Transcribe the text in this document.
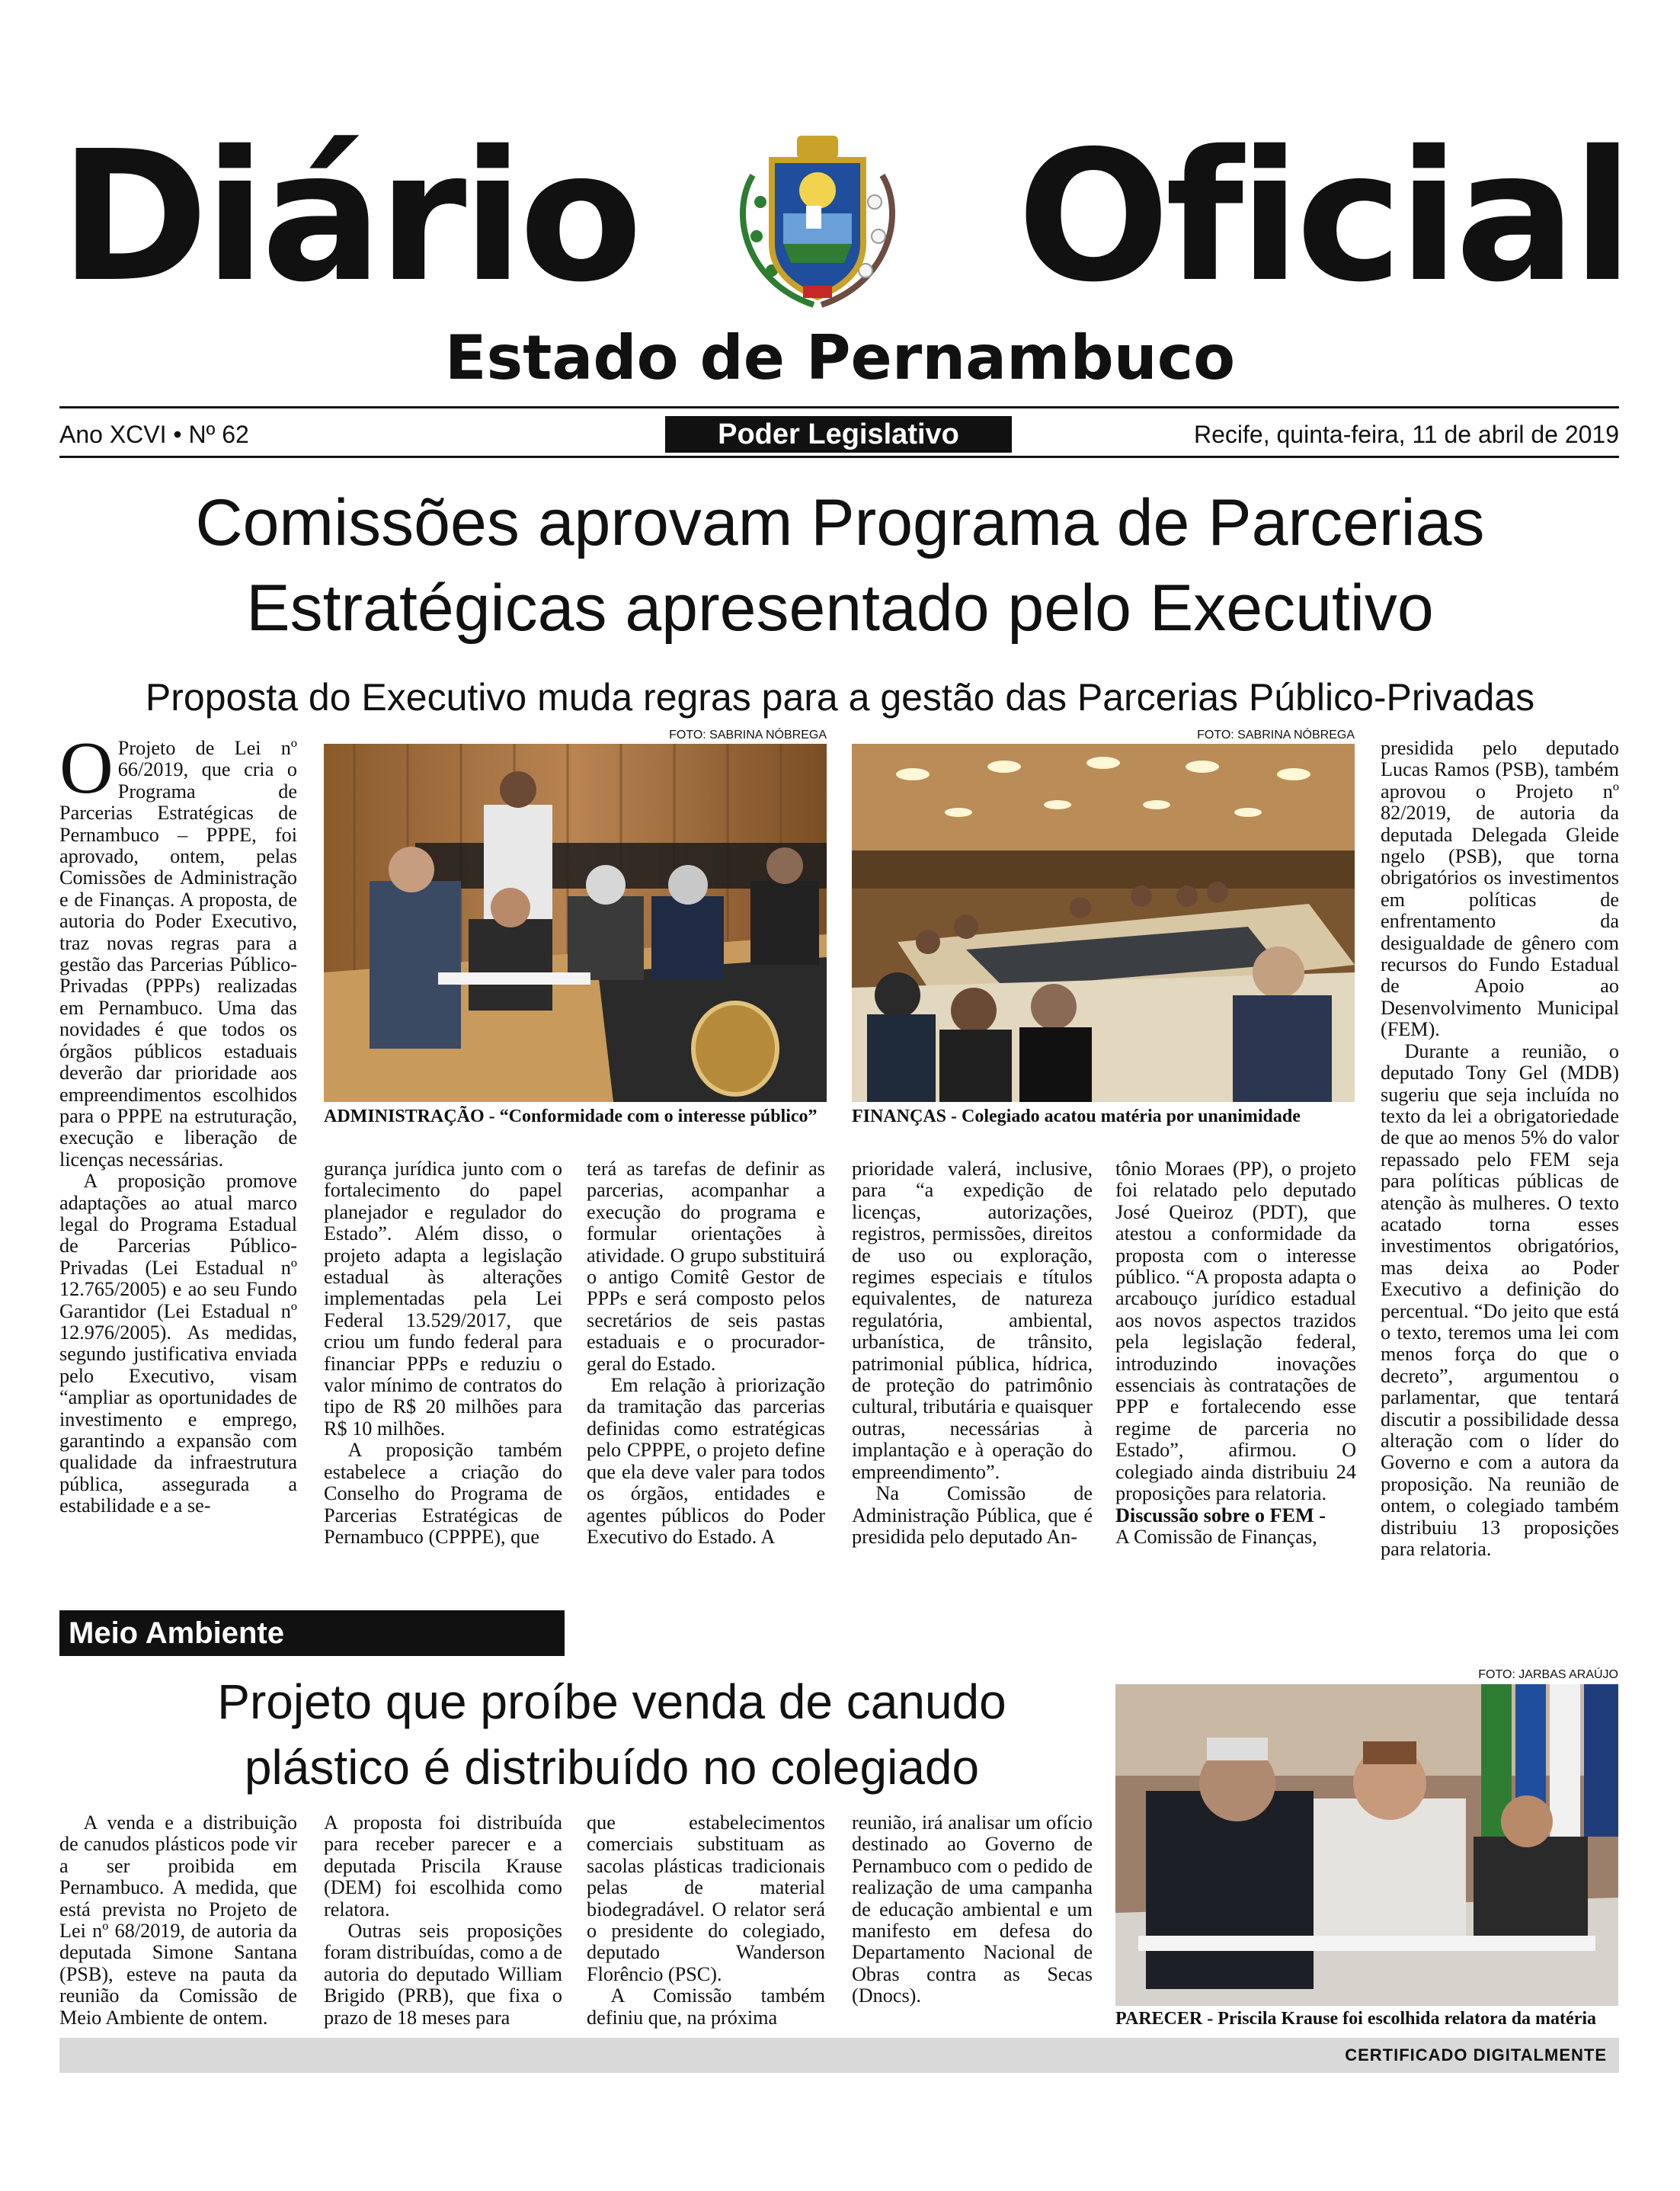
Diário Oficial
Estado de Pernambuco
Ano XCVI • Nº 62	Poder Legislativo	Recife, quinta-feira, 11 de abril de 2019
Comissões aprovam Programa de Parcerias
Estratégicas apresentado pelo Executivo
Proposta do Executivo muda regras para a gestão das Parcerias Público-Privadas

O Projeto de Lei nº 66/2019, que cria o Programa de Parcerias Estratégicas de Pernambuco – PPPE, foi aprovado, ontem, pelas Comissões de Administração e de Finanças. A proposta, de autoria do Poder Executivo, traz novas regras para a gestão das Parcerias Público-Privadas (PPPs) realizadas em Pernambuco. Uma das novidades é que todos os órgãos públicos estaduais deverão dar prioridade aos empreendimentos escolhidos para o PPPE na estruturação, execução e liberação de licenças necessárias.

A proposição promove adaptações ao atual marco legal do Programa Estadual de Parcerias Público-Privadas (Lei Estadual nº 12.765/2005) e ao seu Fundo Garantidor (Lei Estadual nº 12.976/2005). As medidas, segundo justificativa enviada pelo Executivo, visam “ampliar as oportunidades de investimento e emprego, garantindo a expansão com qualidade da infraestrutura pública, assegurada a estabilidade e a se-

FOTO: SABRINA NÓBREGA
ADMINISTRAÇÃO - “Conformidade com o interesse público”
FOTO: SABRINA NÓBREGA
FINANÇAS - Colegiado acatou matéria por unanimidade

gurança jurídica junto com o fortalecimento do papel planejador e regulador do Estado”. Além disso, o projeto adapta a legislação estadual às alterações implementadas pela Lei Federal 13.529/2017, que criou um fundo federal para financiar PPPs e reduziu o valor mínimo de contratos do tipo de R$ 20 milhões para R$ 10 milhões.

A proposição também estabelece a criação do Conselho do Programa de Parcerias Estratégicas de Pernambuco (CPPPE), que

terá as tarefas de definir as parcerias, acompanhar a execução do programa e formular orientações à atividade. O grupo substituirá o antigo Comitê Gestor de PPPs e será composto pelos secretários de seis pastas estaduais e o procurador-geral do Estado.

Em relação à priorização da tramitação das parcerias definidas como estratégicas pelo CPPPE, o projeto define que ela deve valer para todos os órgãos, entidades e agentes públicos do Poder Executivo do Estado. A

prioridade valerá, inclusive, para “a expedição de licenças, autorizações, registros, permissões, direitos de uso ou exploração, regimes especiais e títulos equivalentes, de natureza regulatória, ambiental, urbanística, de trânsito, patrimonial pública, hídrica, de proteção do patrimônio cultural, tributária e quaisquer outras, necessárias à implantação e à operação do empreendimento”.

Na Comissão de Administração Pública, que é presidida pelo deputado An-

tônio Moraes (PP), o projeto foi relatado pelo deputado José Queiroz (PDT), que atestou a conformidade da proposta com o interesse público. “A proposta adapta o arcabouço jurídico estadual aos novos aspectos trazidos pela legislação federal, introduzindo inovações essenciais às contratações de PPP e fortalecendo esse regime de parceria no Estado”, afirmou. O colegiado ainda distribuiu 24 proposições para relatoria.

Discussão sobre o FEM -

A Comissão de Finanças,

presidida pelo deputado Lucas Ramos (PSB), também aprovou o Projeto nº 82/2019, de autoria da deputada Delegada Gleide ngelo (PSB), que torna obrigatórios os investimentos em políticas de enfrentamento da desigualdade de gênero com recursos do Fundo Estadual de Apoio ao Desenvolvimento Municipal (FEM).

Durante a reunião, o deputado Tony Gel (MDB) sugeriu que seja incluída no texto da lei a obrigatoriedade de que ao menos 5% do valor repassado pelo FEM seja para políticas públicas de atenção às mulheres. O texto acatado torna esses investimentos obrigatórios, mas deixa ao Poder Executivo a definição do percentual. “Do jeito que está o texto, teremos uma lei com menos força do que o decreto”, argumentou o parlamentar, que tentará discutir a possibilidade dessa alteração com o líder do Governo e com a autora da proposição. Na reunião de ontem, o colegiado também distribuiu 13 proposições para relatoria.

Meio Ambiente
Projeto que proíbe venda de canudo
plástico é distribuído no colegiado

A venda e a distribuição de canudos plásticos pode vir a ser proibida em Pernambuco. A medida, que está prevista no Projeto de Lei nº 68/2019, de autoria da deputada Simone Santana (PSB), esteve na pauta da reunião da Comissão de Meio Ambiente de ontem.

A proposta foi distribuída para receber parecer e a deputada Priscila Krause (DEM) foi escolhida como relatora.

Outras seis proposições foram distribuídas, como a de autoria do deputado William Brigido (PRB), que fixa o prazo de 18 meses para

que estabelecimentos comerciais substituam as sacolas plásticas tradicionais pelas de material biodegradável. O relator será o presidente do colegiado, deputado Wanderson Florêncio (PSC).

A Comissão também definiu que, na próxima

reunião, irá analisar um ofício destinado ao Governo de Pernambuco com o pedido de realização de uma campanha de educação ambiental e um manifesto em defesa do Departamento Nacional de Obras contra as Secas (Dnocs).

FOTO: JARBAS ARAÚJO
PARECER - Priscila Krause foi escolhida relatora da matéria
CERTIFICADO DIGITALMENTE
